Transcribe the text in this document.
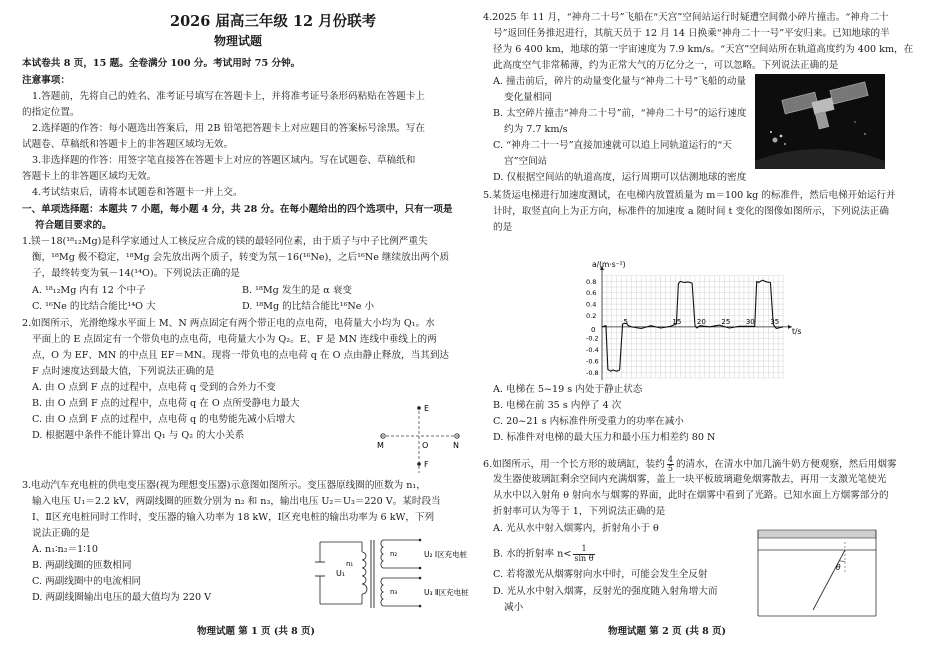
2026 届高三年级 12 月份联考
物理试题
本试卷共 8 页，15 题。全卷满分 100 分。考试用时 75 分钟。
注意事项：
1.答题前，先将自己的姓名、准考证号填写在答题卡上，并将准考证号条形码粘贴在答题卡上
的指定位置。
2.选择题的作答：每小题选出答案后，用 2B 铅笔把答题卡上对应题目的答案标号涂黑。写在
试题卷、草稿纸和答题卡上的非答题区域均无效。
3.非选择题的作答：用签字笔直接答在答题卡上对应的答题区域内。写在试题卷、草稿纸和
答题卡上的非答题区域均无效。
4.考试结束后，请将本试题卷和答题卡一并上交。
一、单项选择题：本题共 7 小题，每小题 4 分，共 28 分。在每小题给出的四个选项中，只有一项是
符合题目要求的。
1.镁－18(¹⁸₁₂Mg)是科学家通过人工核反应合成的镁的最轻同位素，由于质子与中子比例严重失
衡，¹⁸Mg 极不稳定，¹⁸Mg 会先放出两个质子，转变为氖－16(¹⁶Ne)，之后¹⁶Ne 继续放出两个质
子，最终转变为氧－14(¹⁴O)。下列说法正确的是
A. ¹⁸₁₂Mg 内有 12 个中子	B. ¹⁸Mg 发生的是 α 衰变
C. ¹⁶Ne 的比结合能比¹⁴O 大	D. ¹⁸Mg 的比结合能比¹⁶Ne 小
2.如图所示，光滑绝缘水平面上 M、N 两点固定有两个带正电的点电荷，电荷量大小均为 Q₁。水
平面上的 E 点固定有一个带负电的点电荷，电荷量大小为 Q₂。E、F 是 MN 连线中垂线上的两
点，O 为 EF、MN 的中点且 EF＝MN。现将一带负电的点电荷 q 在 O 点由静止释放，当其到达
F 点时速度达到最大值，下列说法正确的是
A. 由 O 点到 F 点的过程中，点电荷 q 受到的合外力不变
B. 由 O 点到 F 点的过程中，点电荷 q 在 O 点所受静电力最大
C. 由 O 点到 F 点的过程中，点电荷 q 的电势能先减小后增大
D. 根据题中条件不能计算出 Q₁ 与 Q₂ 的大小关系
E
M	O	N
F
3.电动汽车充电桩的供电变压器(视为理想变压器)示意图如图所示。变压器原线圈的匝数为 n₁，
输入电压 U₁＝2.2 kV，两副线圈的匝数分别为 n₂ 和 n₃，输出电压 U₂＝U₃＝220 V。某时段当
Ⅰ、Ⅱ区充电桩同时工作时，变压器的输入功率为 18 kW，Ⅰ区充电桩的输出功率为 6 kW，下列
说法正确的是
A. n₁∶n₂＝1∶10
B. 两副线圈的匝数相同
C. 两副线圈中的电流相同
D. 两副线圈输出电压的最大值均为 220 V
U₁
n₁
n₂	U₂ Ⅰ区充电桩
n₃	U₃ Ⅱ区充电桩
物理试题 第 1 页 (共 8 页)
4.2025 年 11 月，“神舟二十号”飞船在“天宫”空间站运行时疑遭空间微小碎片撞击。“神舟二十
号”返回任务推迟进行，其航天员于 12 月 14 日换乘“神舟二十一号”平安归来。已知地球的半
径为 6 400 km，地球的第一宇宙速度为 7.9 km/s。“天宫”空间站所在轨道高度约为 400 km，在
此高度空气非常稀薄，约为正常大气的万亿分之一，可以忽略。下列说法正确的是
A. 撞击前后，碎片的动量变化量与“神舟二十号”飞船的动量
变化量相同
B. 太空碎片撞击“神舟二十号”前，“神舟二十号”的运行速度
约为 7.7 km/s
C. “神舟二十一号”直接加速就可以追上同轨道运行的“天
宫”空间站
D. 仅根据空间站的轨道高度，运行周期可以估测地球的密度
5.某货运电梯进行加速度测试，在电梯内放置质量为 m＝100 kg 的标准件，然后电梯开始运行并
计时，取竖直向上为正方向，标准件的加速度 a 随时间 t 变化的图像如图所示，下列说法正确
的是
5	15 20 25 30 35
0.8
0.6
0.4
0.2
-0.2
-0.4
-0.6
-0.8
a/(m·s⁻²)
t/s
0
A. 电梯在 5~19 s 内处于静止状态
B. 电梯在前 35 s 内停了 4 次
C. 20~21 s 内标准件所受重力的功率在减小
D. 标准件对电梯的最大压力和最小压力相差约 80 N
6.如图所示，用一个长方形的玻璃缸，装约 $\frac{4}{5}$ 的清水，在清水中加几滴牛奶方便观察，然后用烟雾
发生器使玻璃缸剩余空间内充满烟雾，盖上一块平板玻璃避免烟雾散去，再用一支激光笔使光
从水中以入射角 θ 射向水与烟雾的界面，此时在烟雾中看到了光路。已知水面上方烟雾部分的
折射率可认为等于 1，下列说法正确的是
A. 光从水中射入烟雾内，折射角小于 θ
B. 水的折射率 $n< \frac{1}{\text{sin θ}}$
C. 若将激光从烟雾射向水中时，可能会发生全反射
D. 光从水中射入烟雾，反射光的强度随入射角增大而
减小
θ
物理试题 第 2 页 (共 8 页)
